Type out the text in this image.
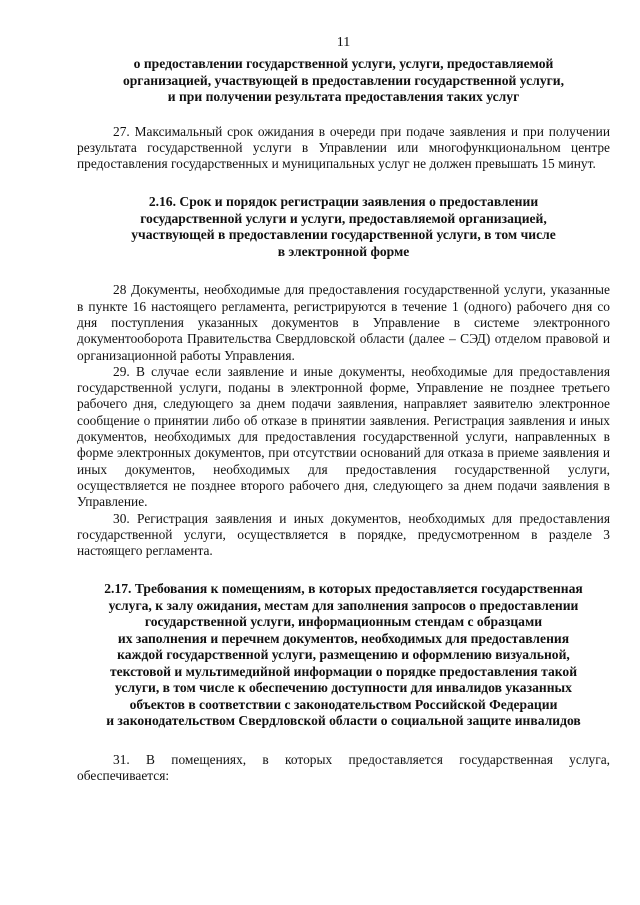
11
о предоставлении государственной услуги, услуги, предоставляемой
организацией, участвующей в предоставлении государственной услуги,
и при получении результата предоставления таких услуг

27. Максимальный срок ожидания в очереди при подаче заявления и при получении результата государственной услуги в Управлении или многофункциональном центре предоставления государственных и муниципальных услуг не должен превышать 15 минут.

2.16. Срок и порядок регистрации заявления о предоставлении
государственной услуги и услуги, предоставляемой организацией,
участвующей в предоставлении государственной услуги, в том числе
в электронной форме

28 Документы, необходимые для предоставления государственной услуги, указанные в пункте 16 настоящего регламента, регистрируются в течение 1 (одного) рабочего дня со дня поступления указанных документов в Управление в системе электронного документооборота Правительства Свердловской области (далее – СЭД) отделом правовой и организационной работы Управления.

29. В случае если заявление и иные документы, необходимые для предоставления государственной услуги, поданы в электронной форме, Управление не позднее третьего рабочего дня, следующего за днем подачи заявления, направляет заявителю электронное сообщение о принятии либо об отказе в принятии заявления. Регистрация заявления и иных документов, необходимых для предоставления государственной услуги, направленных в форме электронных документов, при отсутствии оснований для отказа в приеме заявления и иных документов, необходимых для предоставления государственной услуги, осуществляется не позднее второго рабочего дня, следующего за днем подачи заявления в Управление.

30. Регистрация заявления и иных документов, необходимых для предоставления государственной услуги, осуществляется в порядке, предусмотренном в разделе 3 настоящего регламента.

2.17. Требования к помещениям, в которых предоставляется государственная
услуга, к залу ожидания, местам для заполнения запросов о предоставлении
государственной услуги, информационным стендам с образцами
их заполнения и перечнем документов, необходимых для предоставления
каждой государственной услуги, размещению и оформлению визуальной,
текстовой и мультимедийной информации о порядке предоставления такой
услуги, в том числе к обеспечению доступности для инвалидов указанных
объектов в соответствии с законодательством Российской Федерации
и законодательством Свердловской области о социальной защите инвалидов

31. В помещениях, в которых предоставляется государственная услуга, обеспечивается:
